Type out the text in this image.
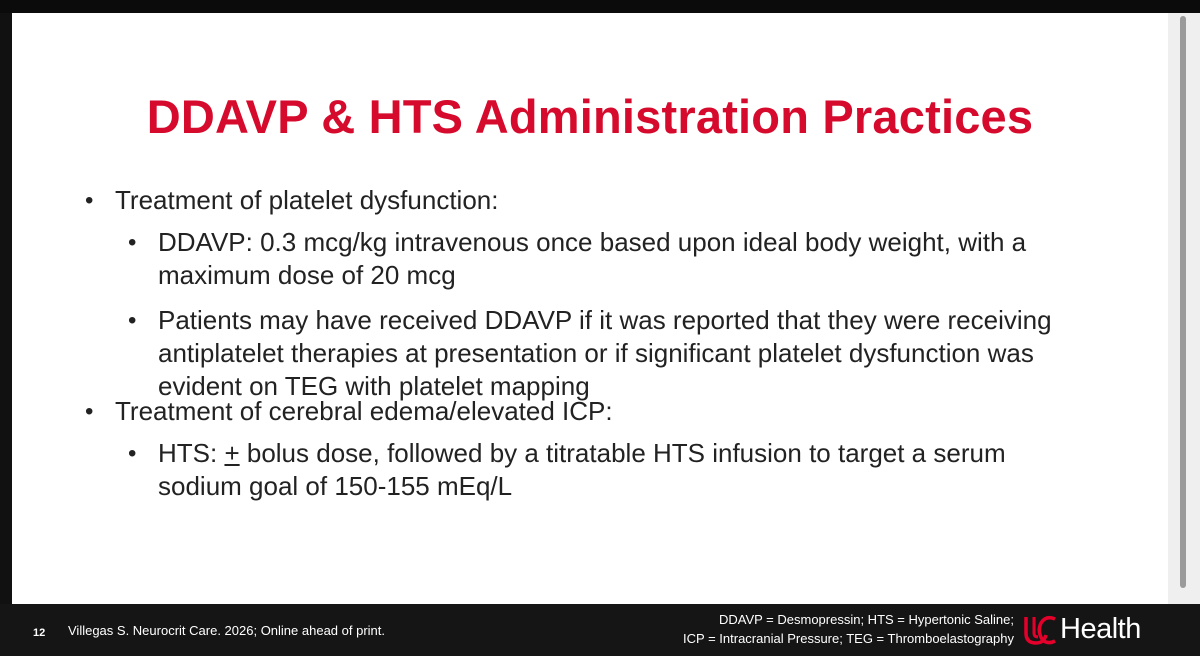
DDAVP & HTS Administration Practices
• Treatment of platelet dysfunction:
• DDAVP: 0.3 mcg/kg intravenous once based upon ideal body weight, with a
maximum dose of 20 mcg
• Patients may have received DDAVP if it was reported that they were receiving
antiplatelet therapies at presentation or if significant platelet dysfunction was
evident on TEG with platelet mapping
• Treatment of cerebral edema/elevated ICP:
• HTS: + bolus dose, followed by a titratable HTS infusion to target a serum
sodium goal of 150-155 mEq/L
12 Villegas S. Neurocrit Care. 2026; Online ahead of print.
DDAVP = Desmopressin; HTS = Hypertonic Saline;
ICP = Intracranial Pressure; TEG = Thromboelastography Health
